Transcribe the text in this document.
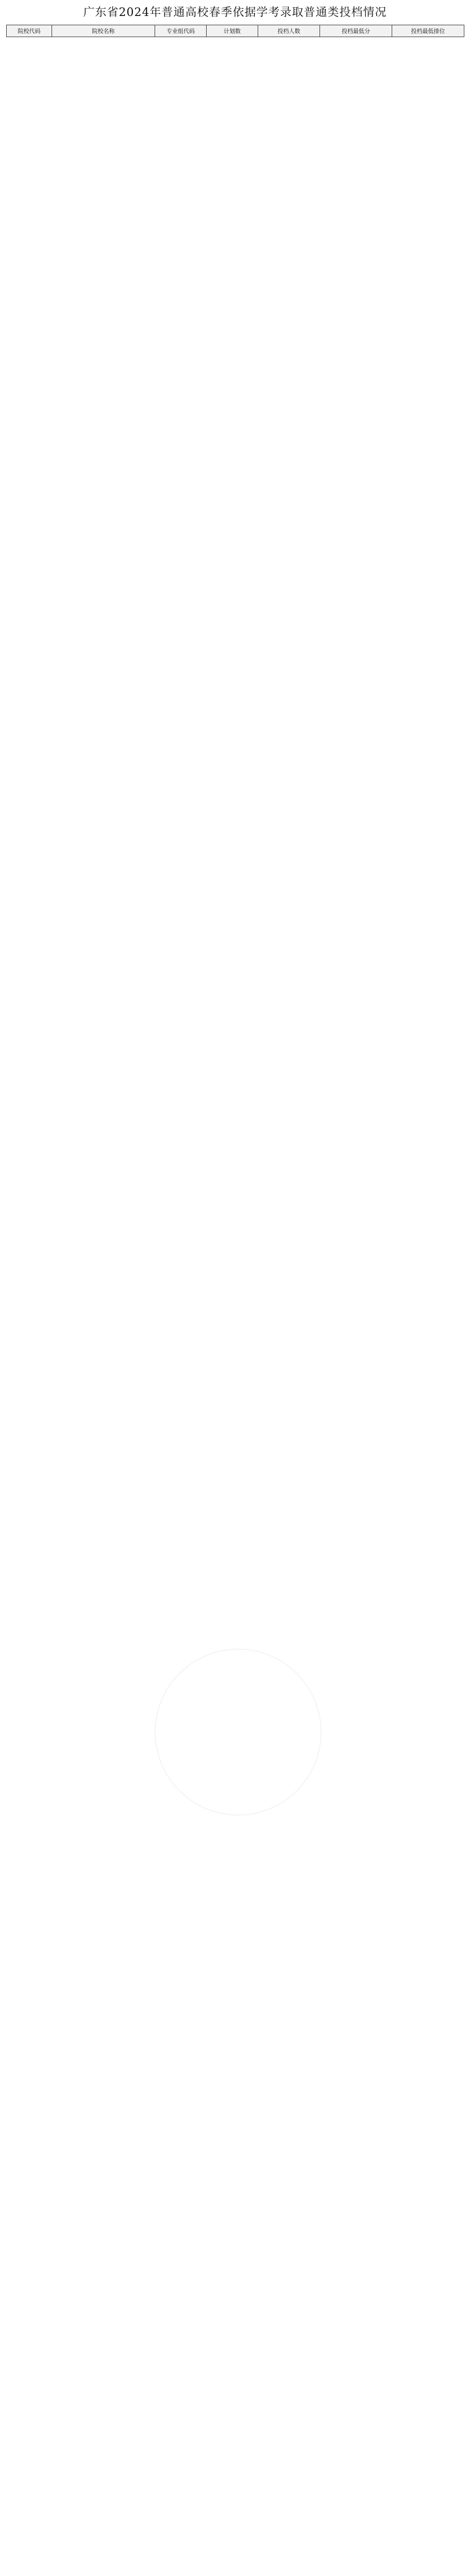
广东省2024年普通高校春季依据学考录取普通类投档情况
院校代码	院校名称	专业组代码	计划数	投档人数	投档最低分	投档最低排位
